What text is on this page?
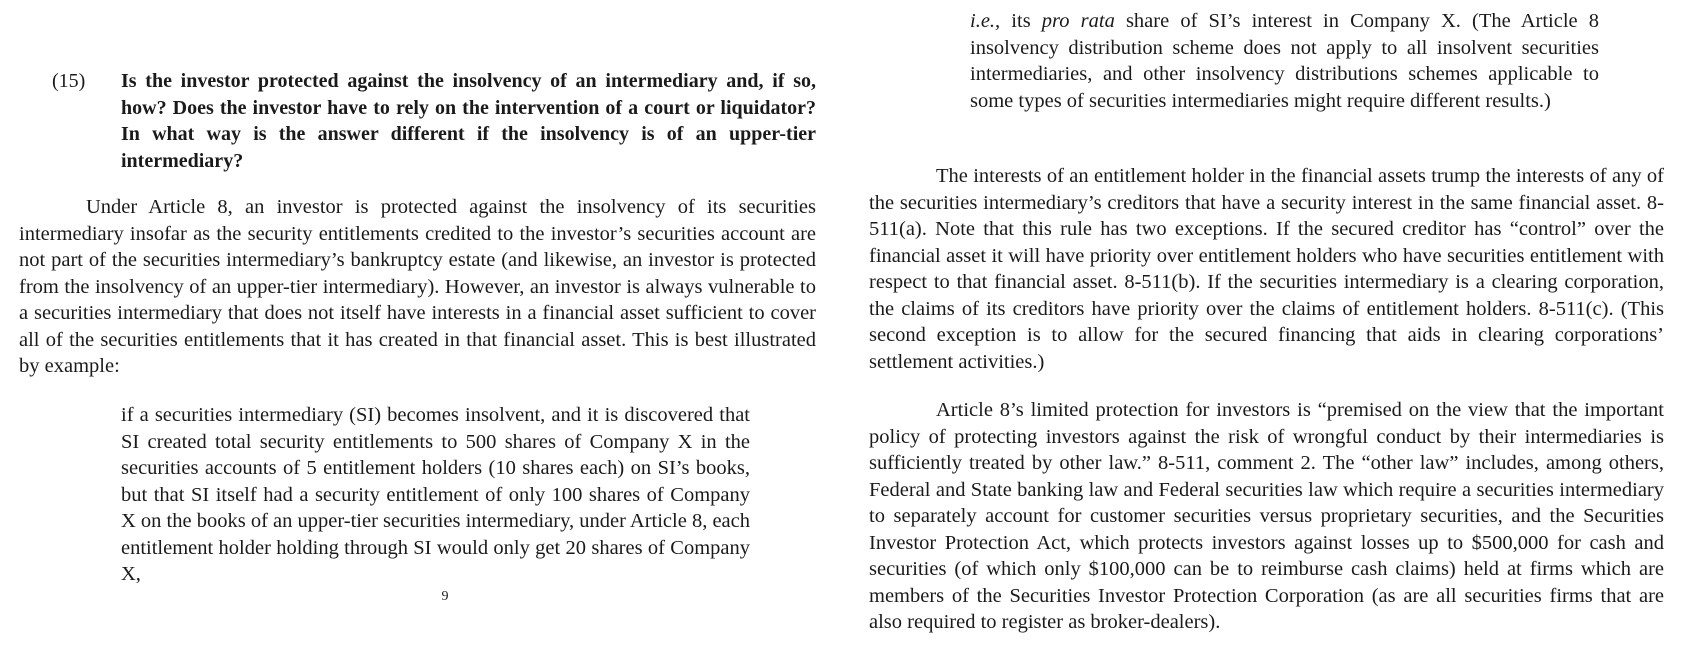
(15) Is the investor protected against the insolvency of an intermediary and, if so, how? Does the investor have to rely on the intervention of a court or liquidator? In what way is the answer different if the insolvency is of an upper-tier intermediary?
Under Article 8, an investor is protected against the insolvency of its securities intermediary insofar as the security entitlements credited to the investor’s securities account are not part of the securities intermediary’s bankruptcy estate (and likewise, an investor is protected from the insolvency of an upper-tier intermediary). However, an investor is always vulnerable to a securities intermediary that does not itself have interests in a financial asset sufficient to cover all of the securities entitlements that it has created in that financial asset. This is best illustrated by example:
if a securities intermediary (SI) becomes insolvent, and it is discovered that SI created total security entitlements to 500 shares of Company X in the securities accounts of 5 entitlement holders (10 shares each) on SI’s books, but that SI itself had a security entitlement of only 100 shares of Company X on the books of an upper-tier securities intermediary, under Article 8, each entitlement holder holding through SI would only get 20 shares of Company X,
9
i.e., its pro rata share of SI’s interest in Company X. (The Article 8 insolvency distribution scheme does not apply to all insolvent securities intermediaries, and other insolvency distributions schemes applicable to some types of securities intermediaries might require different results.)
The interests of an entitlement holder in the financial assets trump the interests of any of the securities intermediary’s creditors that have a security interest in the same financial asset. 8-511(a). Note that this rule has two exceptions. If the secured creditor has “control” over the financial asset it will have priority over entitlement holders who have securities entitlement with respect to that financial asset. 8-511(b). If the securities intermediary is a clearing corporation, the claims of its creditors have priority over the claims of entitlement holders. 8-511(c). (This second exception is to allow for the secured financing that aids in clearing corporations’ settlement activities.)
Article 8’s limited protection for investors is “premised on the view that the important policy of protecting investors against the risk of wrongful conduct by their intermediaries is sufficiently treated by other law.” 8-511, comment 2. The “other law” includes, among others, Federal and State banking law and Federal securities law which require a securities intermediary to separately account for customer securities versus proprietary securities, and the Securities Investor Protection Act, which protects investors against losses up to $500,000 for cash and securities (of which only $100,000 can be to reimburse cash claims) held at firms which are members of the Securities Investor Protection Corporation (as are all securities firms that are also required to register as broker-dealers).
